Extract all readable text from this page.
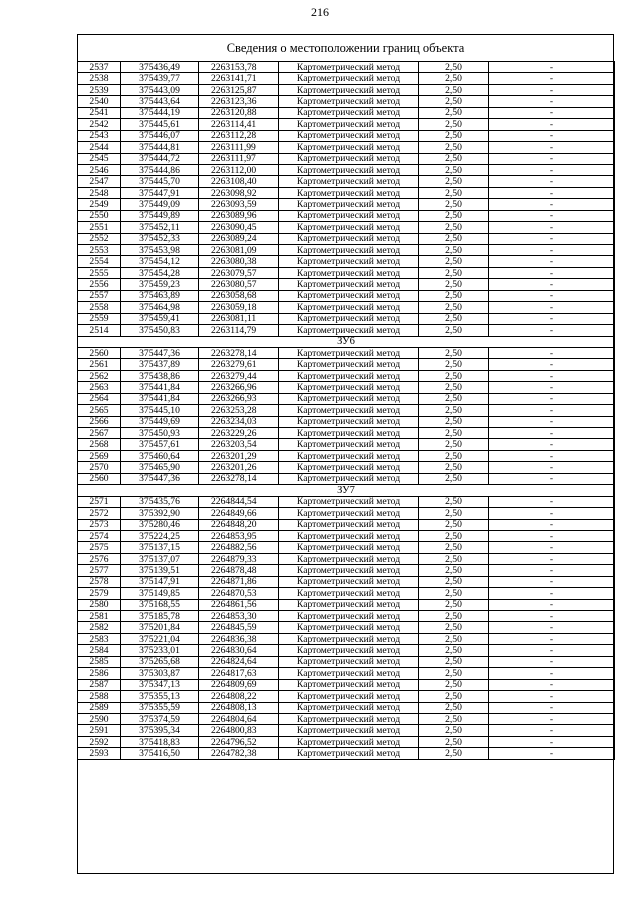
216
Сведения о местоположении границ объекта
2537	375436,49	2263153,78	Картометрический метод	2,50	-
2538	375439,77	2263141,71	Картометрический метод	2,50	-
2539	375443,09	2263125,87	Картометрический метод	2,50	-
2540	375443,64	2263123,36	Картометрический метод	2,50	-
2541	375444,19	2263120,88	Картометрический метод	2,50	-
2542	375445,61	2263114,41	Картометрический метод	2,50	-
2543	375446,07	2263112,28	Картометрический метод	2,50	-
2544	375444,81	2263111,99	Картометрический метод	2,50	-
2545	375444,72	2263111,97	Картометрический метод	2,50	-
2546	375444,86	2263112,00	Картометрический метод	2,50	-
2547	375445,70	2263108,40	Картометрический метод	2,50	-
2548	375447,91	2263098,92	Картометрический метод	2,50	-
2549	375449,09	2263093,59	Картометрический метод	2,50	-
2550	375449,89	2263089,96	Картометрический метод	2,50	-
2551	375452,11	2263090,45	Картометрический метод	2,50	-
2552	375452,33	2263089,24	Картометрический метод	2,50	-
2553	375453,98	2263081,09	Картометрический метод	2,50	-
2554	375454,12	2263080,38	Картометрический метод	2,50	-
2555	375454,28	2263079,57	Картометрический метод	2,50	-
2556	375459,23	2263080,57	Картометрический метод	2,50	-
2557	375463,89	2263058,68	Картометрический метод	2,50	-
2558	375464,98	2263059,18	Картометрический метод	2,50	-
2559	375459,41	2263081,11	Картометрический метод	2,50	-
2514	375450,83	2263114,79	Картометрический метод	2,50	-
ЗУ6					
2560	375447,36	2263278,14	Картометрический метод	2,50	-
2561	375437,89	2263279,61	Картометрический метод	2,50	-
2562	375438,86	2263279,44	Картометрический метод	2,50	-
2563	375441,84	2263266,96	Картометрический метод	2,50	-
2564	375441,84	2263266,93	Картометрический метод	2,50	-
2565	375445,10	2263253,28	Картометрический метод	2,50	-
2566	375449,69	2263234,03	Картометрический метод	2,50	-
2567	375450,93	2263229,26	Картометрический метод	2,50	-
2568	375457,61	2263203,54	Картометрический метод	2,50	-
2569	375460,64	2263201,29	Картометрический метод	2,50	-
2570	375465,90	2263201,26	Картометрический метод	2,50	-
2560	375447,36	2263278,14	Картометрический метод	2,50	-
ЗУ7					
2571	375435,76	2264844,54	Картометрический метод	2,50	-
2572	375392,90	2264849,66	Картометрический метод	2,50	-
2573	375280,46	2264848,20	Картометрический метод	2,50	-
2574	375224,25	2264853,95	Картометрический метод	2,50	-
2575	375137,15	2264882,56	Картометрический метод	2,50	-
2576	375137,07	2264879,33	Картометрический метод	2,50	-
2577	375139,51	2264878,48	Картометрический метод	2,50	-
2578	375147,91	2264871,86	Картометрический метод	2,50	-
2579	375149,85	2264870,53	Картометрический метод	2,50	-
2580	375168,55	2264861,56	Картометрический метод	2,50	-
2581	375185,78	2264853,30	Картометрический метод	2,50	-
2582	375201,84	2264845,59	Картометрический метод	2,50	-
2583	375221,04	2264836,38	Картометрический метод	2,50	-
2584	375233,01	2264830,64	Картометрический метод	2,50	-
2585	375265,68	2264824,64	Картометрический метод	2,50	-
2586	375303,87	2264817,63	Картометрический метод	2,50	-
2587	375347,13	2264809,69	Картометрический метод	2,50	-
2588	375355,13	2264808,22	Картометрический метод	2,50	-
2589	375355,59	2264808,13	Картометрический метод	2,50	-
2590	375374,59	2264804,64	Картометрический метод	2,50	-
2591	375395,34	2264800,83	Картометрический метод	2,50	-
2592	375418,83	2264796,52	Картометрический метод	2,50	-
2593	375416,50	2264782,38	Картометрический метод	2,50	-
